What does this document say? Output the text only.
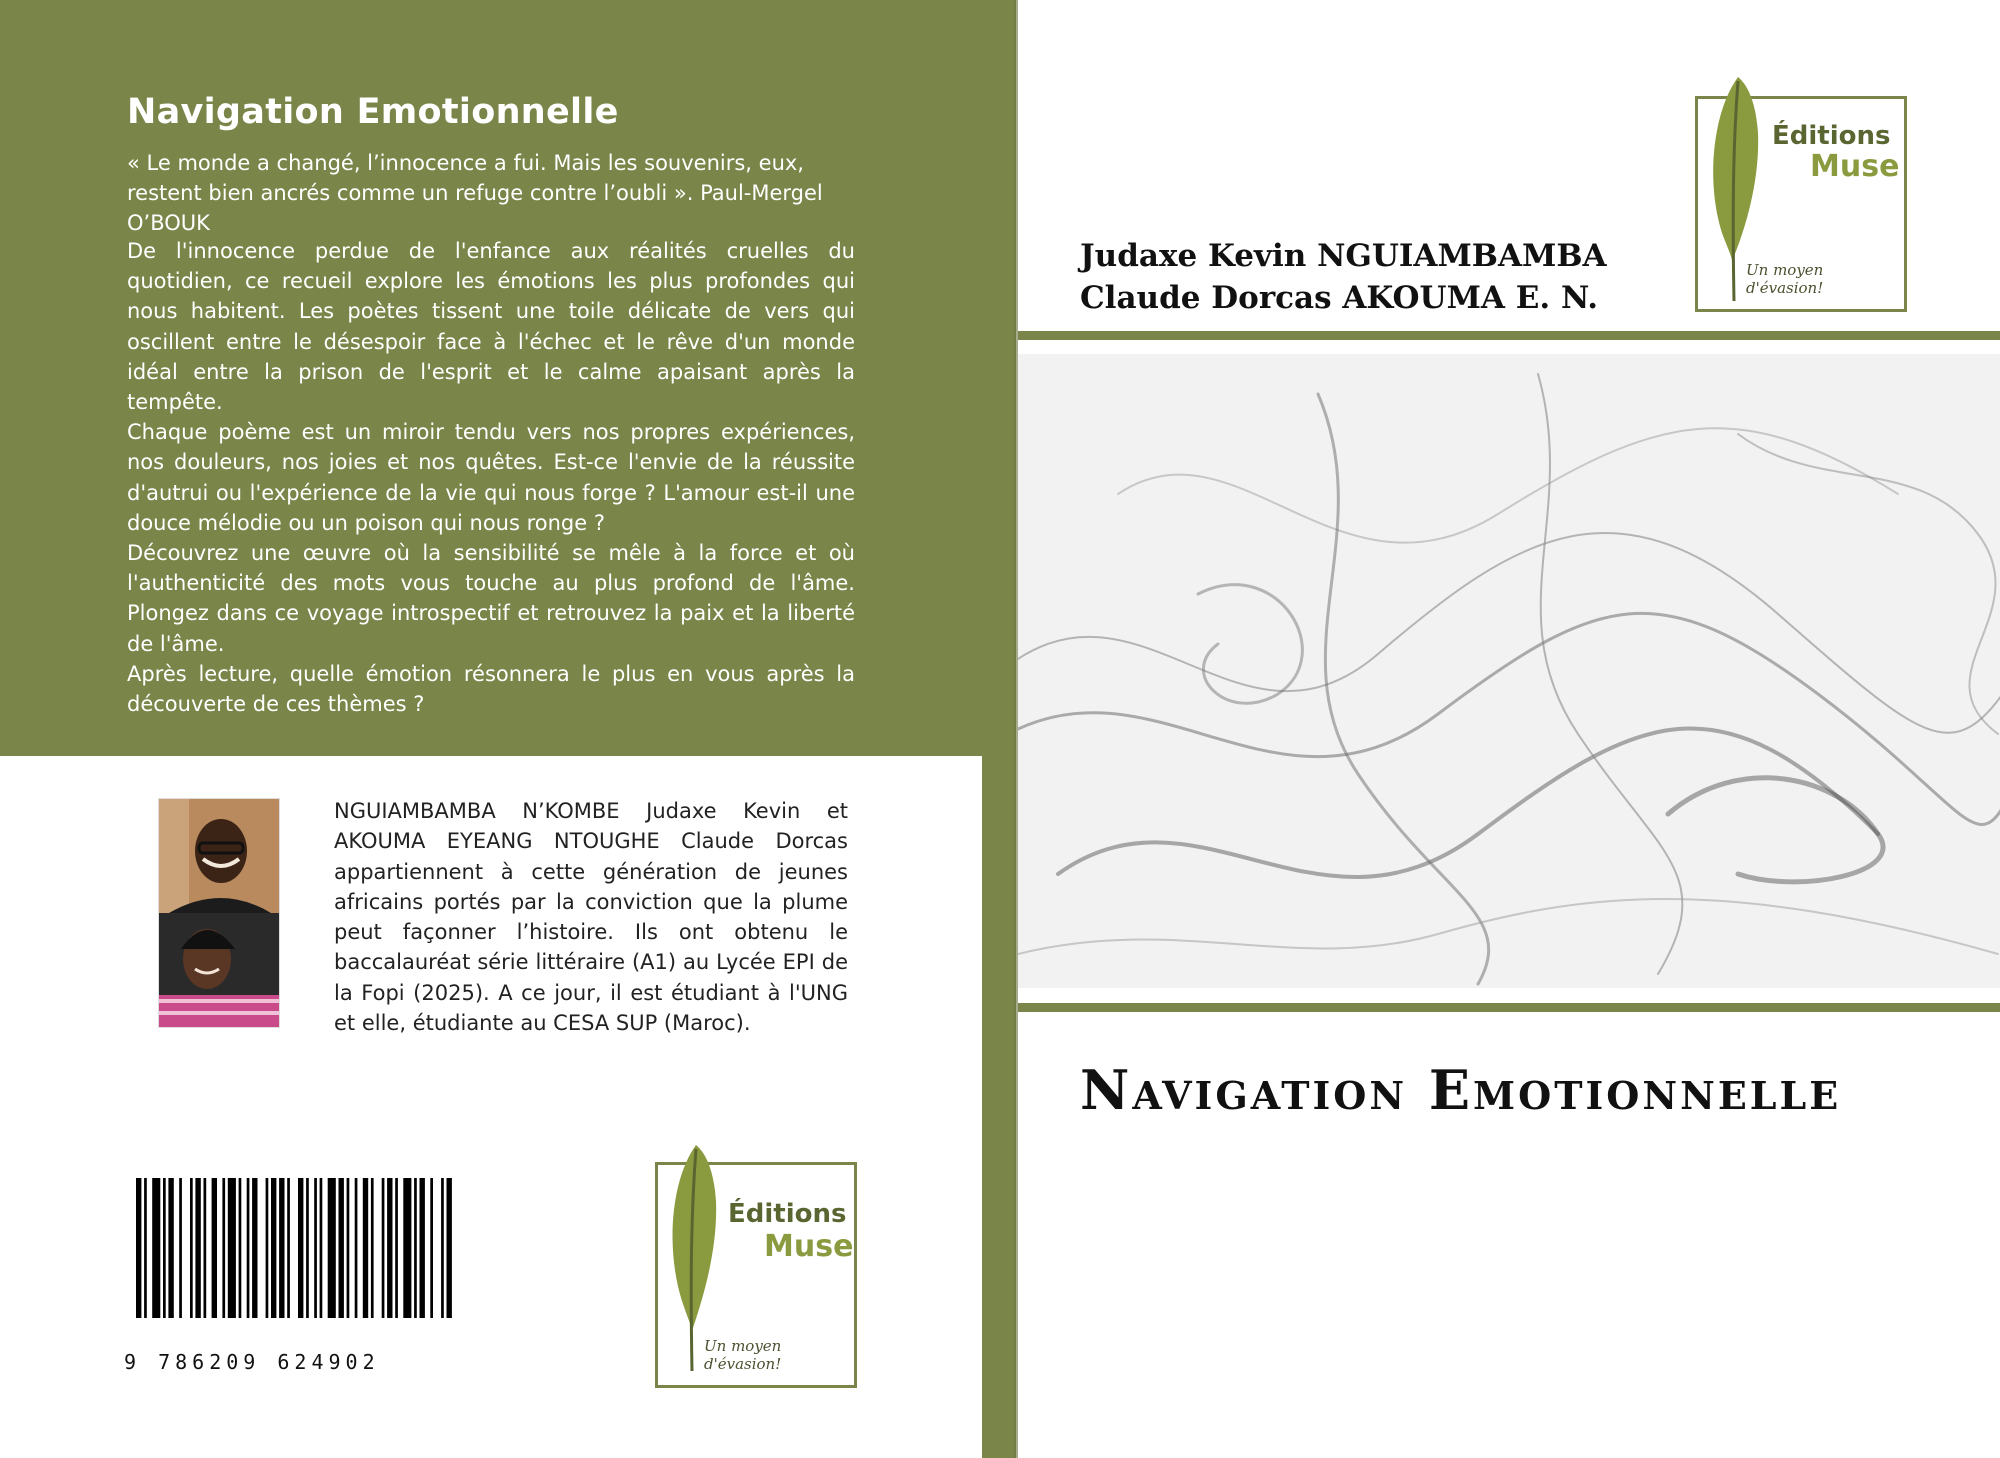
Navigation Emotionnelle
« Le monde a changé, l’innocence a fui. Mais les souvenirs, eux, restent bien ancrés comme un refuge contre l’oubli ». Paul-Mergel O’BOUK

De l'innocence perdue de l'enfance aux réalités cruelles du quotidien, ce recueil explore les émotions les plus profondes qui nous habitent. Les poètes tissent une toile délicate de vers qui oscillent entre le désespoir face à l'échec et le rêve d'un monde idéal entre la prison de l'esprit et le calme apaisant après la tempête.

Chaque poème est un miroir tendu vers nos propres expériences, nos douleurs, nos joies et nos quêtes. Est-ce l'envie de la réussite d'autrui ou l'expérience de la vie qui nous forge ? L'amour est-il une douce mélodie ou un poison qui nous ronge ?

Découvrez une œuvre où la sensibilité se mêle à la force et où l'authenticité des mots vous touche au plus profond de l'âme. Plongez dans ce voyage introspectif et retrouvez la paix et la liberté de l'âme.

Après lecture, quelle émotion résonnera le plus en vous après la découverte de ces thèmes ?

NGUIAMBAMBA N’KOMBE Judaxe Kevin et AKOUMA EYEANG NTOUGHE Claude Dorcas appartiennent à cette génération de jeunes africains portés par la conviction que la plume peut façonner l’histoire. Ils ont obtenu le baccalauréat série littéraire (A1) au Lycée EPI de la Fopi (2025). A ce jour, il est étudiant à l'UNG et elle, étudiante au CESA SUP (Maroc).
9 786209 624902
Éditions
Muse
Un moyen d'évasion!
Judaxe Kevin NGUIAMBAMBA
Claude Dorcas AKOUMA E. N.
Éditions
Muse
Un moyen d'évasion!
Navigation Emotionnelle
